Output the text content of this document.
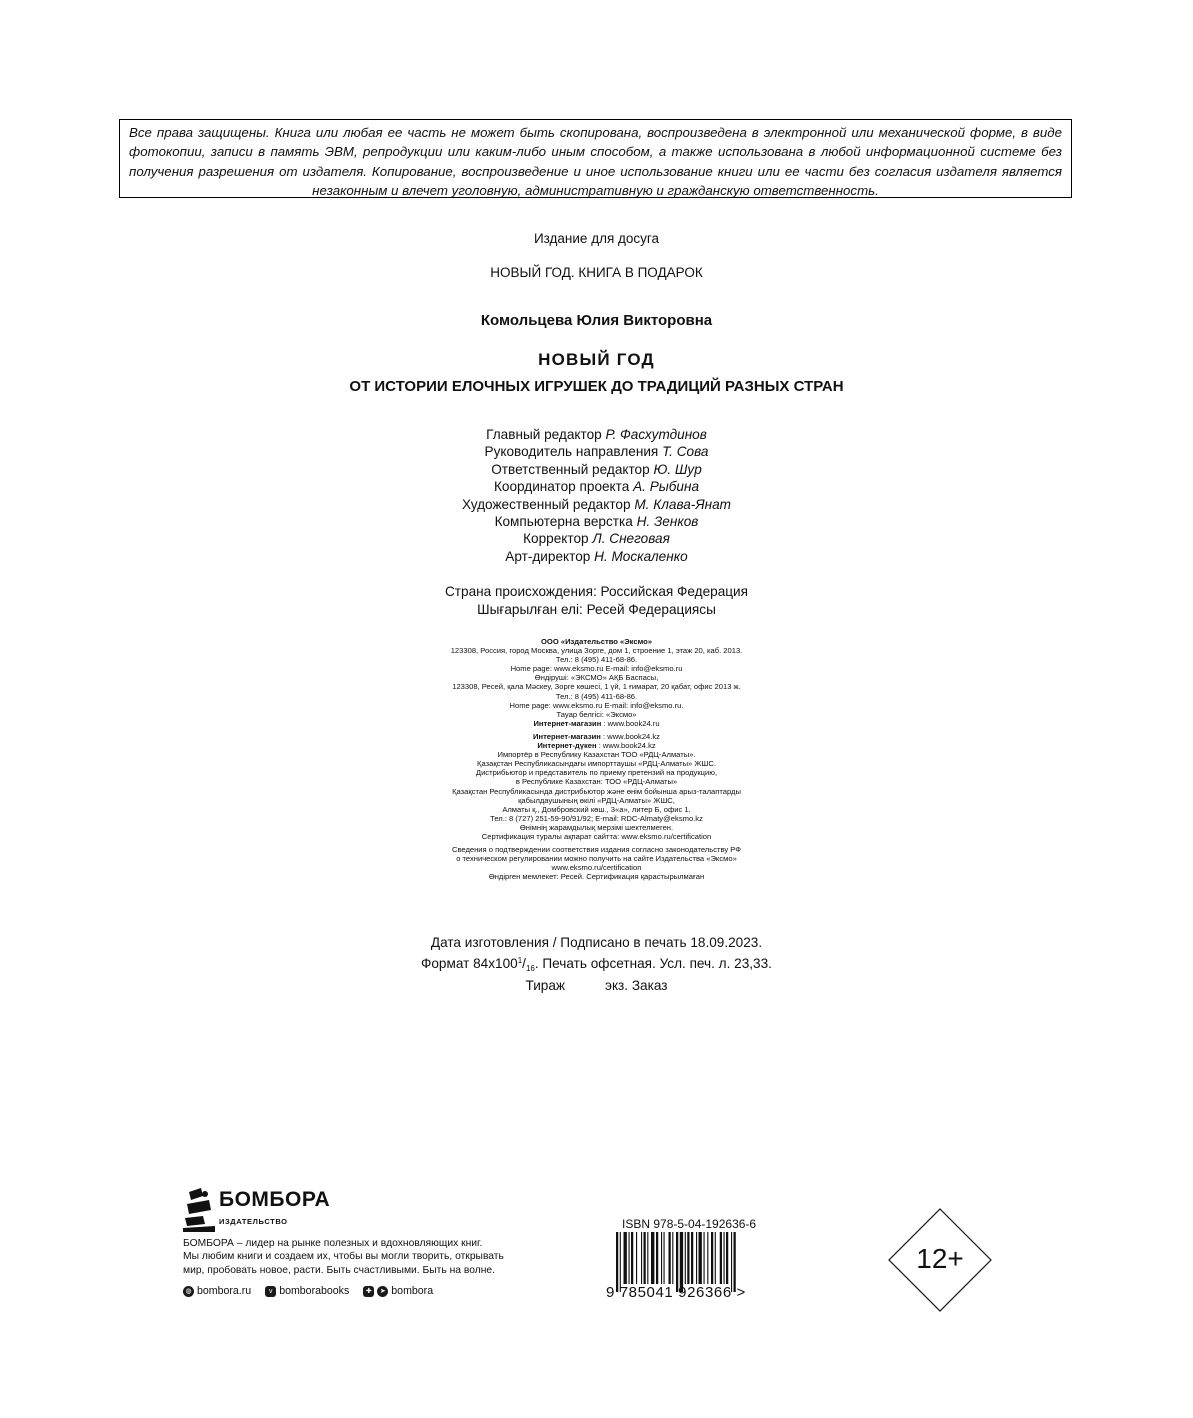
Все права защищены. Книга или любая ее часть не может быть скопирована, воспроизведена в электронной или механической форме, в виде фотокопии, записи в память ЭВМ, репродукции или каким-либо иным способом, а также использована в любой информационной системе без получения разрешения от издателя. Копирование, воспроизведение и иное использование книги или ее части без согласия издателя является незаконным и влечет уголовную, административную и гражданскую ответственность.

Издание для досуга
НОВЫЙ ГОД. КНИГА В ПОДАРОК
Комольцева Юлия Викторовна
НОВЫЙ ГОД
ОТ ИСТОРИИ ЕЛОЧНЫХ ИГРУШЕК ДО ТРАДИЦИЙ РАЗНЫХ СТРАН
Главный редактор Р. Фасхутдинов
Руководитель направления Т. Сова
Ответственный редактор Ю. Шур
Координатор проекта А. Рыбина
Художественный редактор М. Клава-Янат
Компьютерна верстка Н. Зенков
Корректор Л. Снеговая
Арт-директор Н. Москаленко
Страна происхождения: Российская Федерация
Шығарылған елі: Ресей Федерациясы
ООО «Издательство «Эксмо»
123308, Россия, город Москва, улица Зорге, дом 1, строение 1, этаж 20, каб. 2013.
Тел.: 8 (495) 411-68-86.
Home page: www.eksmo.ru E-mail: info@eksmo.ru
Өндіруші: «ЭКСМО» АҚБ Баспасы,
123308, Ресей, қала Мәскеу, Зорге көшесі, 1 үй, 1 ғимарат, 20 қабат, офис 2013 ж.
Тел.: 8 (495) 411-68-86.
Home page: www.eksmo.ru E-mail: info@eksmo.ru.
Тауар белгісі: «Эксмо»
Интернет-магазин : www.book24.ru
Интернет-магазин : www.book24.kz
Интернет-дүкен : www.book24.kz
Импортёр в Республику Казахстан ТОО «РДЦ-Алматы».
Қазақстан Республикасындағы импорттаушы «РДЦ-Алматы» ЖШС.
Дистрибьютор и представитель по приему претензий на продукцию,
в Республике Казахстан: ТОО «РДЦ-Алматы»
Қазақстан Республикасында дистрибьютор және өнім бойынша арыз-талаптарды
қабылдаушының өкілі «РДЦ-Алматы» ЖШС,
Алматы қ., Домбровский көш., 3«а», литер Б, офис 1.
Тел.: 8 (727) 251-59-90/91/92; E-mail: RDC-Almaty@eksmo.kz
Өнімнің жарамдылық мерзімі шектелмеген.
Сертификация туралы ақпарат сайтта: www.eksmo.ru/certification
Сведения о подтверждении соответствия издания согласно законодательству РФ
о техническом регулировании можно получить на сайте Издательства «Эксмо»
www.eksmo.ru/certification
Өндірген мемлекет: Ресей. Сертификация қарастырылмаған
Дата изготовления / Подписано в печать 18.09.2023.
Формат $84x100^1/_{16}$. Печать офсетная. Усл. печ. л. 23,33.
Тираж	экз. Заказ
БОМБОРА
ИЗДАТЕЛЬСТВО
БОМБОРА – лидер на рынке полезных и вдохновляющих книг.
Мы любим книги и создаем их, чтобы вы могли творить, открывать
мир, пробовать новое, расти. Быть счастливыми. Быть на волне.
◍ bombora.ru	v bomborabooks	✚	➤ bombora
ISBN 978-5-04-192636-6
9 785041 926366 >
12+
